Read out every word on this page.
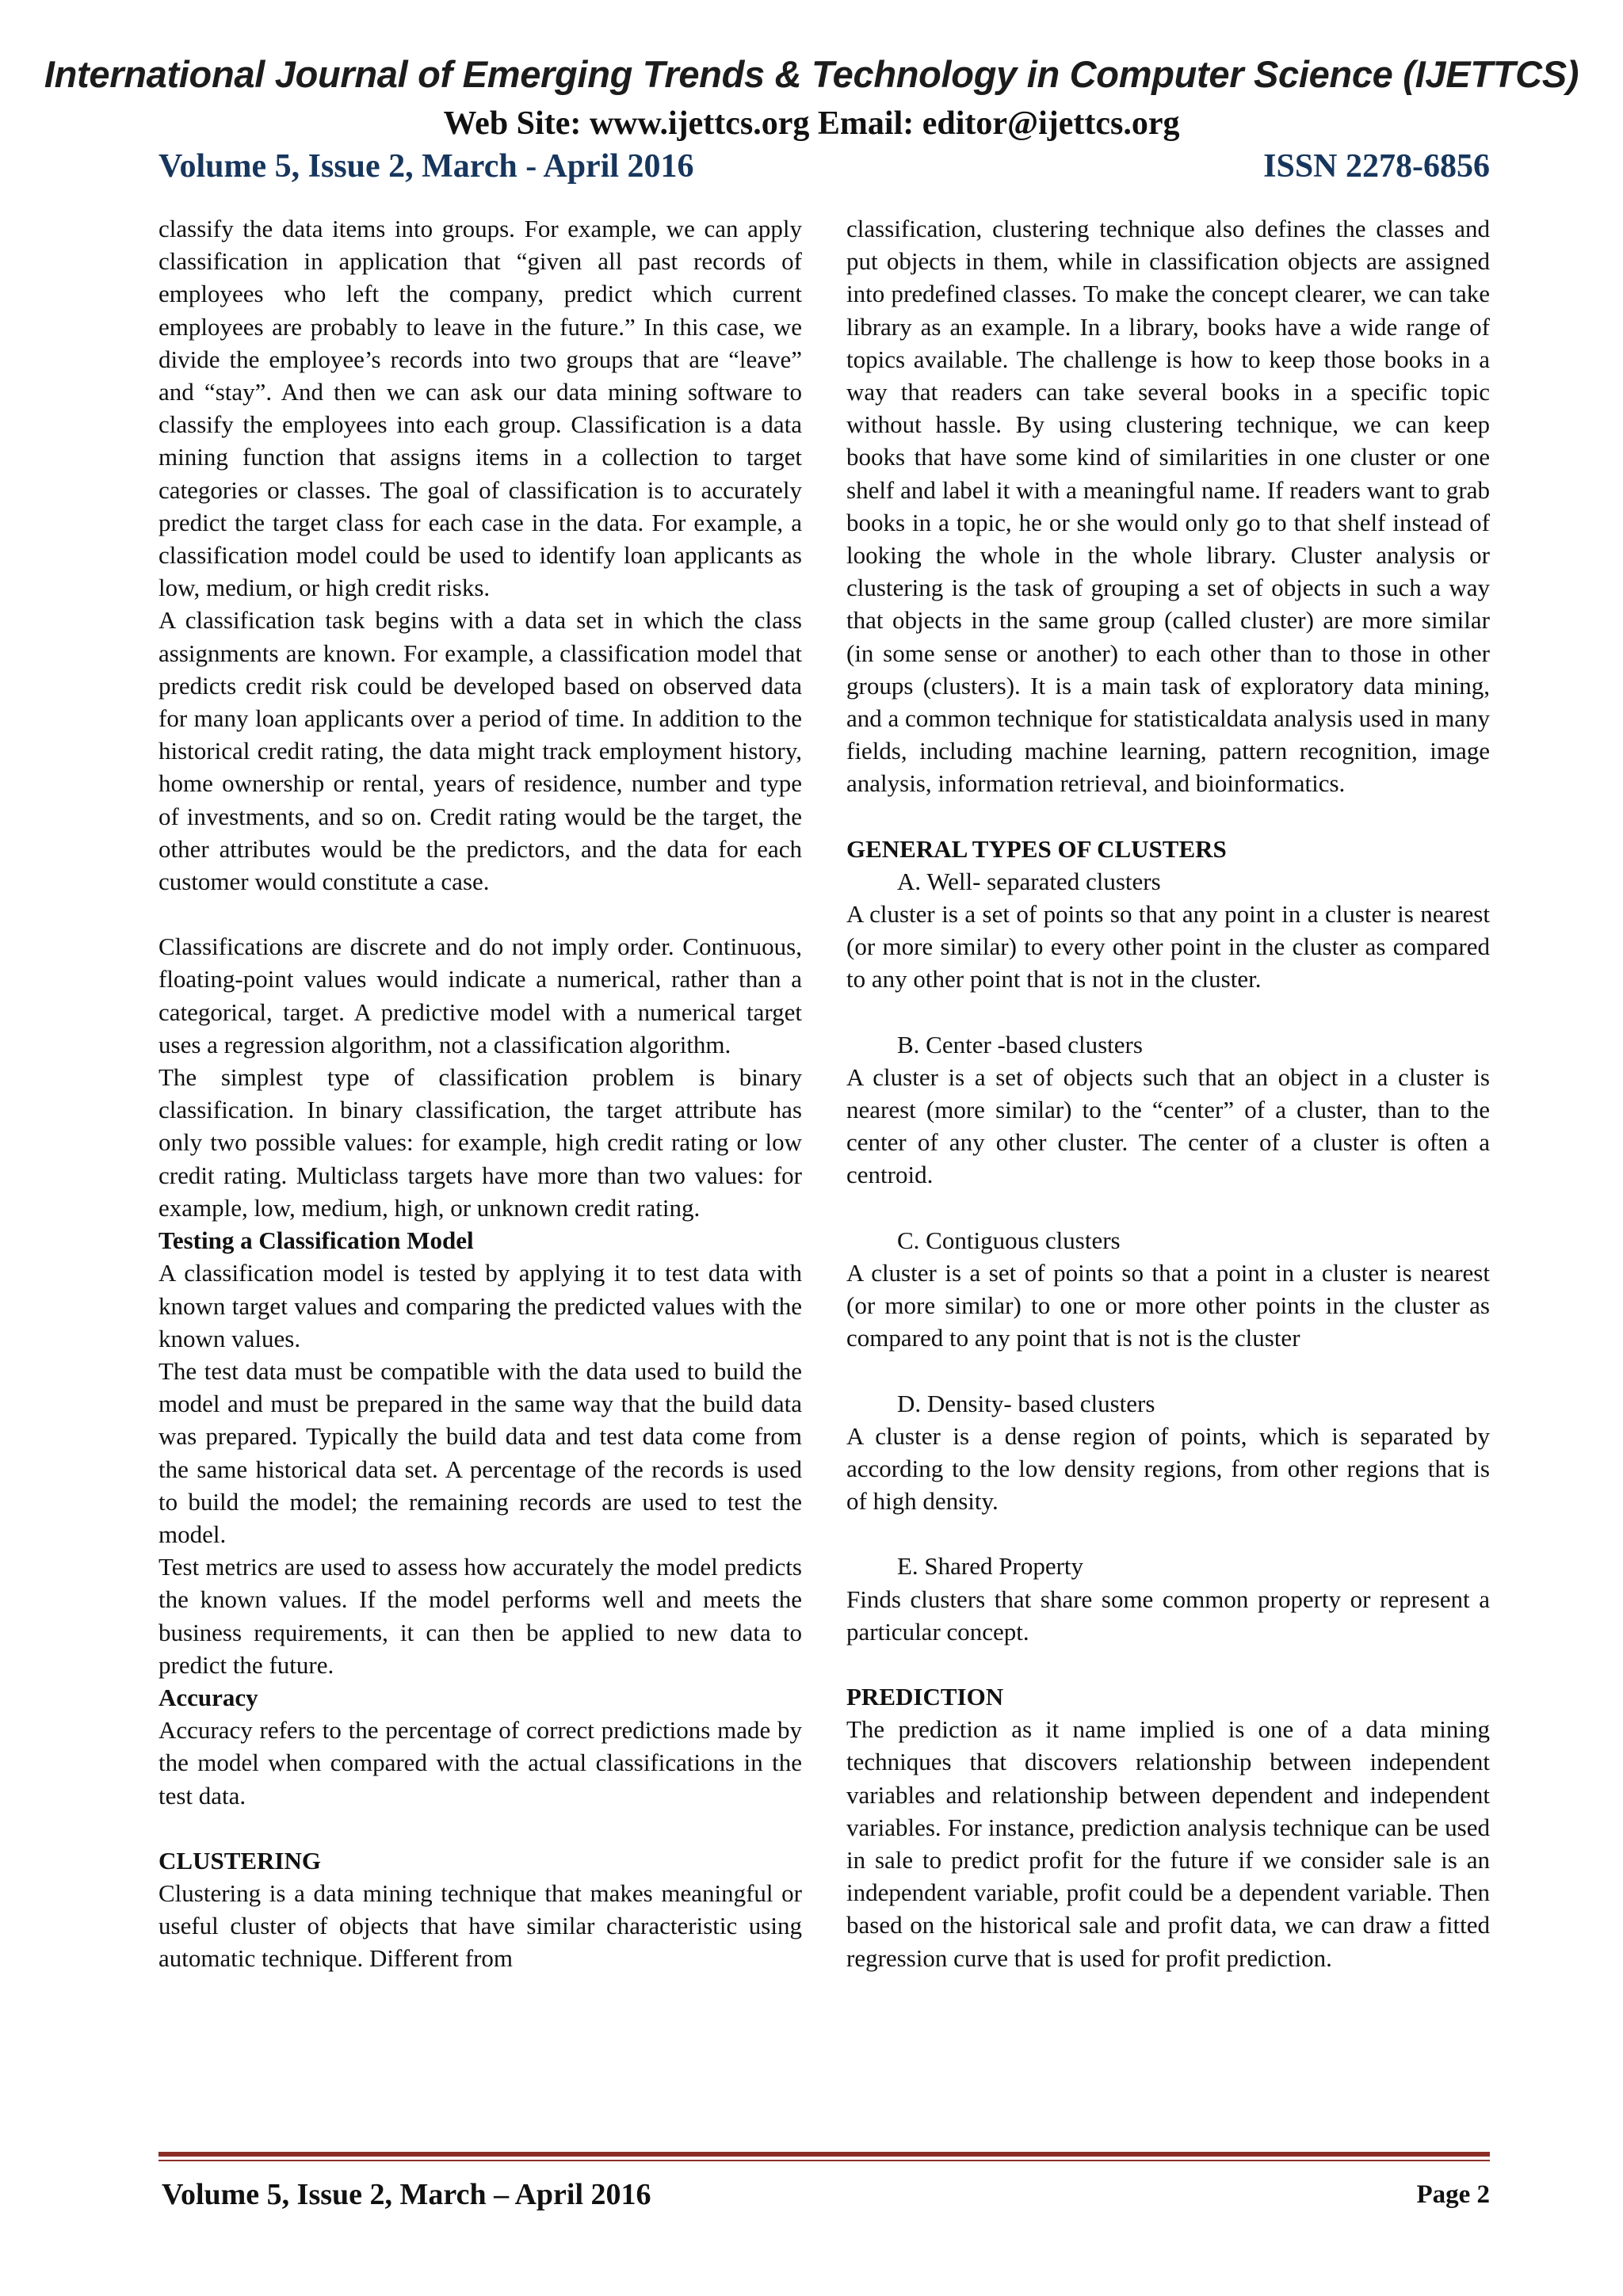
International Journal of Emerging Trends & Technology in Computer Science (IJETTCS)
Web Site: www.ijettcs.org Email: editor@ijettcs.org
Volume 5, Issue 2, March - April 2016	ISSN 2278-6856

classify the data items into groups. For example, we can apply classification in application that “given all past records of employees who left the company, predict which current employees are probably to leave in the future.” In this case, we divide the employee’s records into two groups that are “leave” and “stay”. And then we can ask our data mining software to classify the employees into each group. Classification is a data mining function that assigns items in a collection to target categories or classes. The goal of classification is to accurately predict the target class for each case in the data. For example, a classification model could be used to identify loan applicants as low, medium, or high credit risks.

A classification task begins with a data set in which the class assignments are known. For example, a classification model that predicts credit risk could be developed based on observed data for many loan applicants over a period of time. In addition to the historical credit rating, the data might track employment history, home ownership or rental, years of residence, number and type of investments, and so on. Credit rating would be the target, the other attributes would be the predictors, and the data for each customer would constitute a case.

Classifications are discrete and do not imply order. Continuous, floating-point values would indicate a numerical, rather than a categorical, target. A predictive model with a numerical target uses a regression algorithm, not a classification algorithm.

The simplest type of classification problem is binary classification. In binary classification, the target attribute has only two possible values: for example, high credit rating or low credit rating. Multiclass targets have more than two values: for example, low, medium, high, or unknown credit rating.

Testing a Classification Model

A classification model is tested by applying it to test data with known target values and comparing the predicted values with the known values.

The test data must be compatible with the data used to build the model and must be prepared in the same way that the build data was prepared. Typically the build data and test data come from the same historical data set. A percentage of the records is used to build the model; the remaining records are used to test the model.

Test metrics are used to assess how accurately the model predicts the known values. If the model performs well and meets the business requirements, it can then be applied to new data to predict the future.

Accuracy

Accuracy refers to the percentage of correct predictions made by the model when compared with the actual classifications in the test data.

CLUSTERING

Clustering is a data mining technique that makes meaningful or useful cluster of objects that have similar characteristic using automatic technique. Different from

classification, clustering technique also defines the classes and put objects in them, while in classification objects are assigned into predefined classes. To make the concept clearer, we can take library as an example. In a library, books have a wide range of topics available. The challenge is how to keep those books in a way that readers can take several books in a specific topic without hassle. By using clustering technique, we can keep books that have some kind of similarities in one cluster or one shelf and label it with a meaningful name. If readers want to grab books in a topic, he or she would only go to that shelf instead of looking the whole in the whole library. Cluster analysis or clustering is the task of grouping a set of objects in such a way that objects in the same group (called cluster) are more similar (in some sense or another) to each other than to those in other groups (clusters). It is a main task of exploratory data mining, and a common technique for statisticaldata analysis used in many fields, including machine learning, pattern recognition, image analysis, information retrieval, and bioinformatics.

GENERAL TYPES OF CLUSTERS

A. Well- separated clusters

A cluster is a set of points so that any point in a cluster is nearest (or more similar) to every other point in the cluster as compared to any other point that is not in the cluster.

B. Center -based clusters

A cluster is a set of objects such that an object in a cluster is nearest (more similar) to the “center” of a cluster, than to the center of any other cluster. The center of a cluster is often a centroid.

C. Contiguous clusters

A cluster is a set of points so that a point in a cluster is nearest (or more similar) to one or more other points in the cluster as compared to any point that is not is the cluster

D. Density- based clusters

A cluster is a dense region of points, which is separated by according to the low density regions, from other regions that is of high density.

E. Shared Property

Finds clusters that share some common property or represent a particular concept.

PREDICTION

The prediction as it name implied is one of a data mining techniques that discovers relationship between independent variables and relationship between dependent and independent variables. For instance, prediction analysis technique can be used in sale to predict profit for the future if we consider sale is an independent variable, profit could be a dependent variable. Then based on the historical sale and profit data, we can draw a fitted regression curve that is used for profit prediction.

Volume 5, Issue 2, March – April 2016	Page 2
